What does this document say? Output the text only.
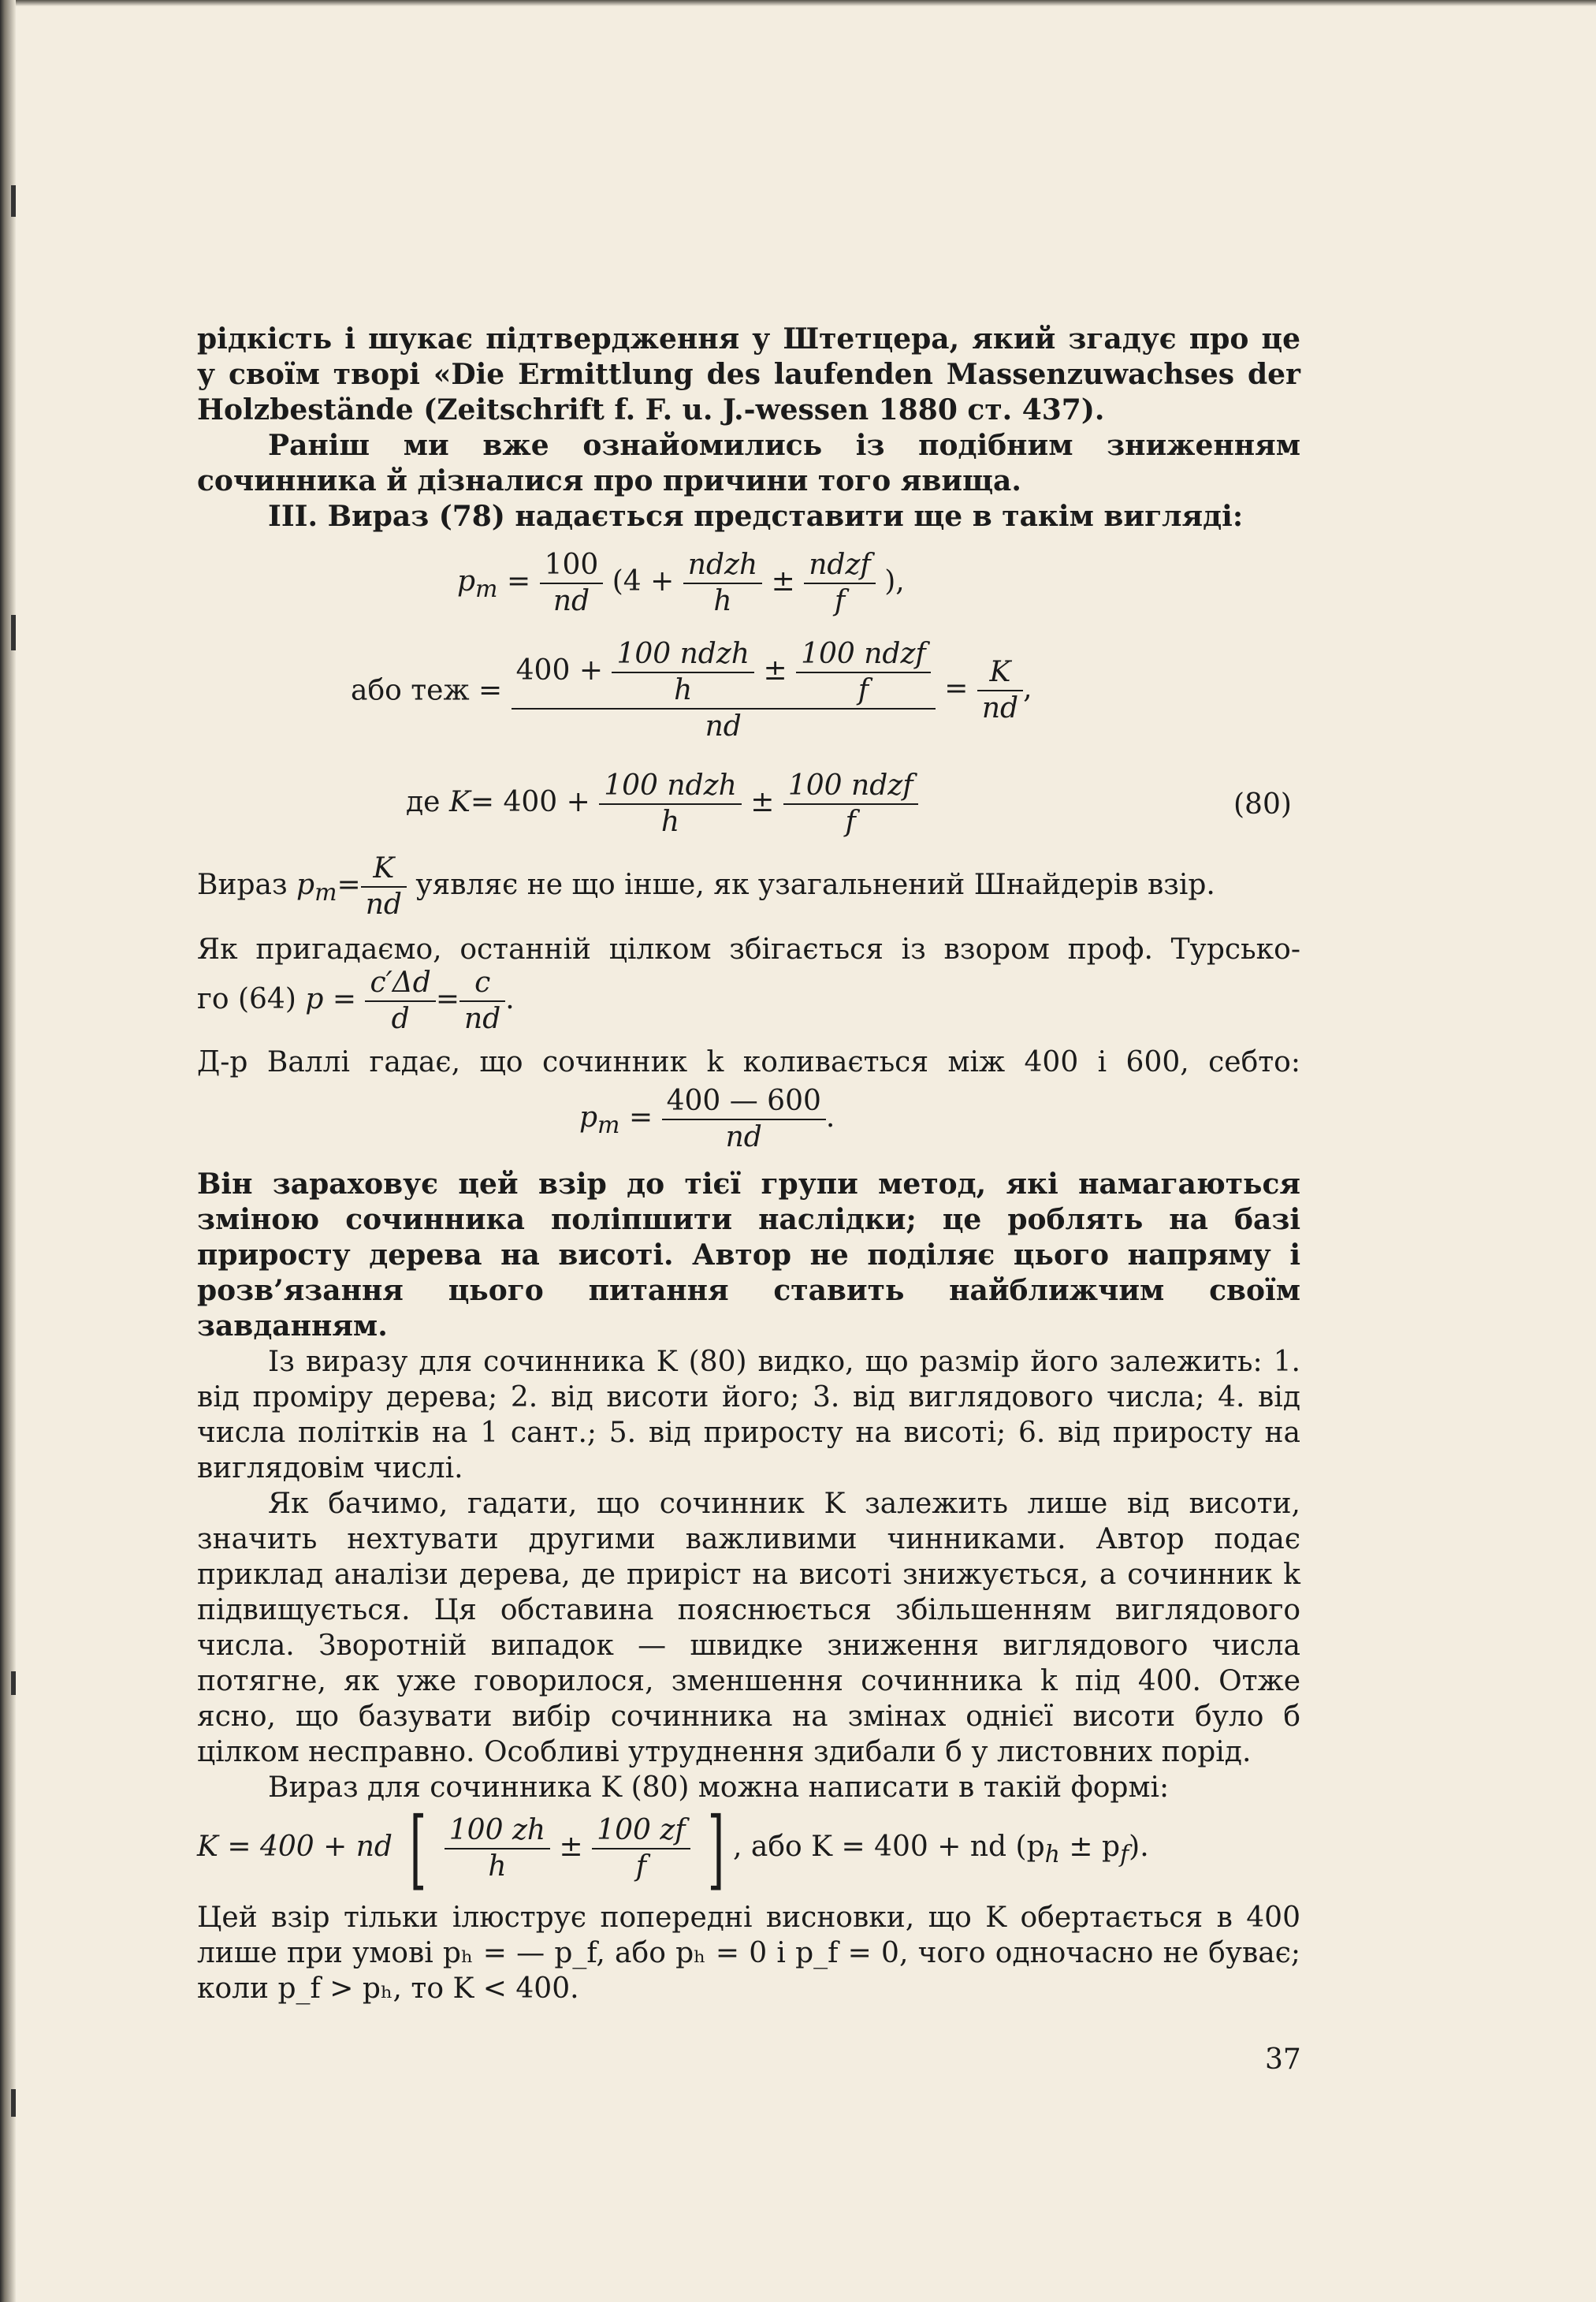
рідкість і шукає підтвердження у Штетцера, який згадує про це у своїм творі «Die Ermittlung des laufenden Massenzuwachses der Holzbestände (Zeitschrift f. F. u. J.-wessen 1880 ст. 437).

Раніш ми вже ознайомились із подібним зниженням сочинника й дізналися про причини того явища.

III. Вираз (78) надається представити ще в такім вигляді:

$p_m = \frac{100}{nd} (4$ +
ndzh
h
±
ndzf
f
),
або теж =
400 +
100 ndzh
h
±
100 ndzf
f
nd
= $\frac{K}{nd}$ ,
де K= 400 +
100 ndzh
h
±
100 ndzf
f
(80)
Вираз $p_m= \frac{K}{nd}$ уявляє не що інше, як узагальнений Шнайдерів взір.

Як пригадаємо, останній цілком збігається із взором проф. Турсько-

го (64) $p = \frac{c'\Delta d}{d} = \frac{c}{nd}$ .

Д-р Валлі гадає, що сочинник k коливається між 400 і 600, себто:

$p_m = \frac{400 — 600}{nd}$ .

Він зараховує цей взір до тієї групи метод, які намагаються зміною сочинника поліпшити наслідки; це роблять на базі приросту дерева на висоті. Автор не поділяє цього напряму і розв’язання цього питання ставить найближчим своїм завданням.

Із виразу для сочинника K (80) видко, що размір його залежить: 1. від проміру дерева; 2. від висоти його; 3. від виглядового числа; 4. від числа політків на 1 сант.; 5. від приросту на висоті; 6. від приросту на виглядовім числі.

Як бачимо, гадати, що сочинник K залежить лише від висоти, значить нехтувати другими важливими чинниками. Автор подає приклад аналізи дерева, де приріст на висоті знижується, а сочинник k підвищується. Ця обставина пояснюється збільшенням виглядового числа. Зворотній випадок — швидке зниження виглядового числа потягне, як уже говорилося, зменшення сочинника k під 400. Отже ясно, що базувати вибір сочинника на змінах однієї висоти було б цілком несправно. Особливі утруднення здибали б у листовних порід.

Вираз для сочинника K (80) можна написати в такій формі:

K = 400 + nd [ $\frac{100 zh}{h} \pm \frac{100 zf}{f}$ ] , або K = 400 + nd $(p_h \pm p_f)$.

Цей взір тільки ілюструє попередні висновки, що K обертається в 400 лише при умові pₕ = — p_f, або pₕ = 0 і p_f = 0, чого одночасно не буває; коли p_f > pₕ, то K < 400.

37
